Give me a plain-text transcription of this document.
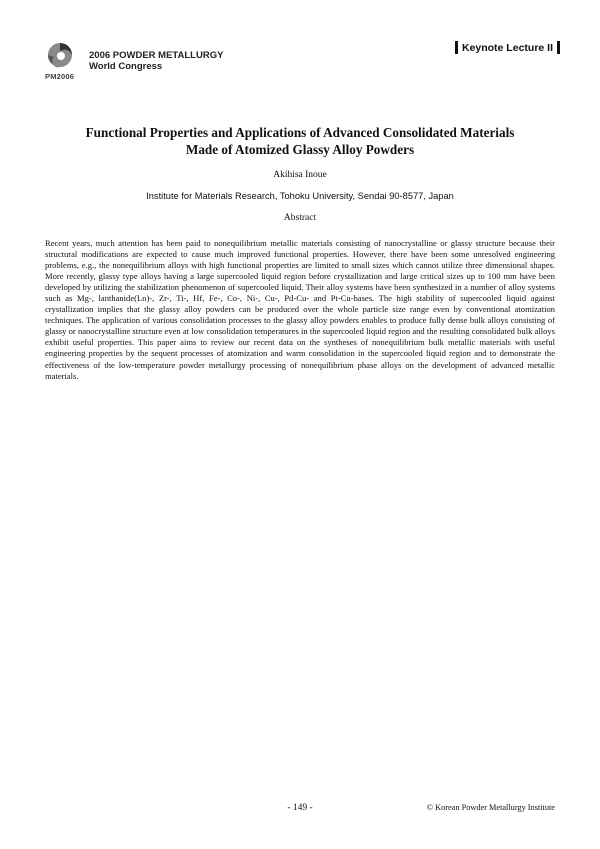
PM2006
2006 POWDER METALLURGY
World Congress
Keynote Lecture II
Functional Properties and Applications of Advanced Consolidated Materials
Made of Atomized Glassy Alloy Powders
Akihisa Inoue
Institute for Materials Research, Tohoku University, Sendai 90-8577, Japan
Abstract

Recent years, much attention has been paid to nonequilibrium metallic materials consisting of nanocrystalline or glassy structure because their structural modifications are expected to cause much improved functional properties. However, there have been some unresolved engineering problems, e.g., the nonequilibrium alloys with high functional properties are limited to small sizes which cannot utilize three dimensional shapes. More recently, glassy type alloys having a large supercooled liquid region before crystallization and large critical sizes up to 100 mm have been developed by utilizing the stabilization phenomenon of supercooled liquid. Their alloy systems have been synthesized in a number of alloy systems such as Mg-, lanthanide(Ln)-, Zr-, Ti-, Hf, Fe-, Co-, Ni-, Cu-, Pd-Cu- and Pt-Cu-bases. The high stability of supercooled liquid against crystallization implies that the glassy alloy powders can be produced over the whole particle size range even by conventional atomization techniques. The application of various consolidation processes to the glassy alloy powders enables to produce fully dense bulk alloys consisting of glassy or nanocrystalline structure even at low consolidation temperatures in the supercooled liquid region and the resulting consolidated bulk alloys exhibit useful properties. This paper aims to review our recent data on the syntheses of nonequilibrium bulk metallic materials with useful engineering properties by the sequent processes of atomization and warm consolidation in the supercooled liquid region and to demonstrate the effectiveness of the low-temperature powder metallurgy processing of nonequilibrium phase alloys on the development of advanced metallic materials.

- 149 -	© Korean Powder Metallurgy Institute
